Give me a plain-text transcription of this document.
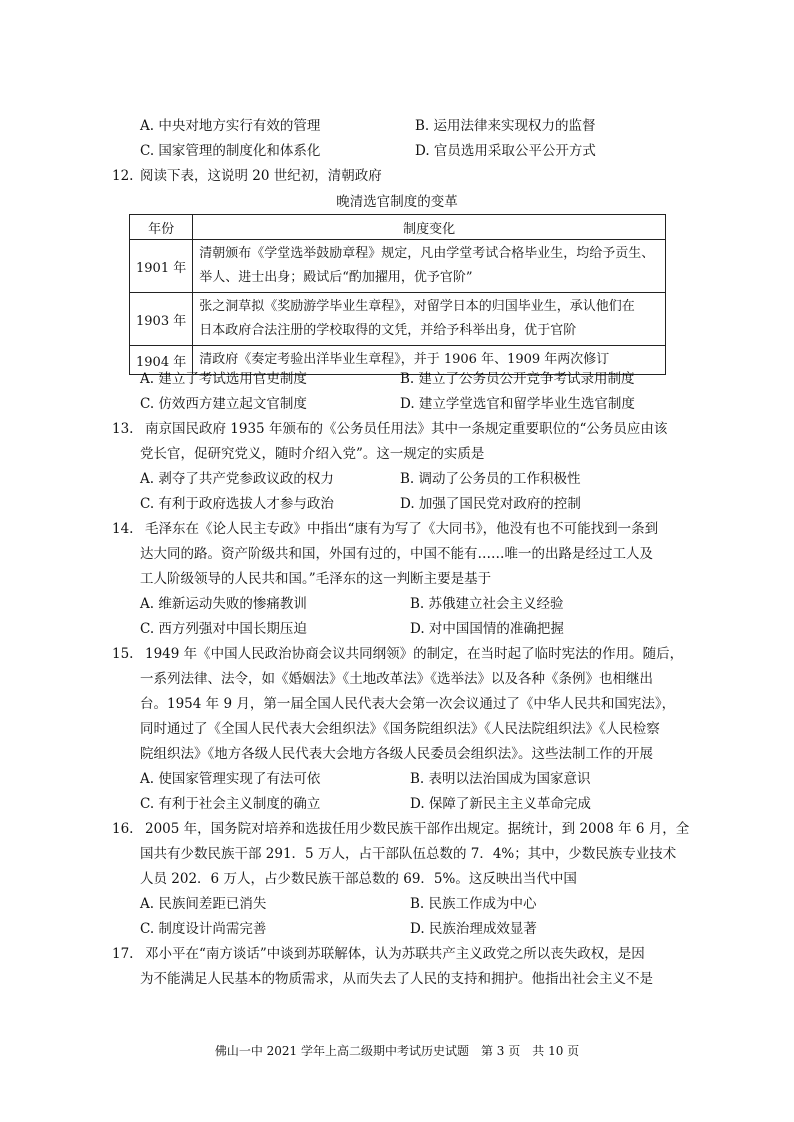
A. 中央对地方实行有效的管理	B. 运用法律来实现权力的监督
C. 国家管理的制度化和体系化	D. 官员选用采取公平公开方式
12. 阅读下表，这说明 20 世纪初，清朝政府
晚清选官制度的变革
年份	制度变化
1901 年	清朝颁布《学堂选举鼓励章程》规定，凡由学堂考试合格毕业生，均给予贡生、
举人、进士出身；殿试后“酌加擢用，优予官阶”

1903 年	张之洞草拟《奖励游学毕业生章程》，对留学日本的归国毕业生，承认他们在
日本政府合法注册的学校取得的文凭，并给予科举出身，优于官阶

1904 年	清政府《奏定考验出洋毕业生章程》，并于 1906 年、1909 年两次修订
A. 建立了考试选用官吏制度	B. 建立了公务员公开竞争考试录用制度
C. 仿效西方建立起文官制度	D. 建立学堂选官和留学毕业生选官制度
13. 南京国民政府 1935 年颁布的《公务员任用法》其中一条规定重要职位的“公务员应由该
党长官，促研究党义，随时介绍入党”。这一规定的实质是
A. 剥夺了共产党参政议政的权力	B. 调动了公务员的工作积极性
C. 有利于政府选拔人才参与政治	D. 加强了国民党对政府的控制
14. 毛泽东在《论人民主专政》中指出“康有为写了《大同书》，他没有也不可能找到一条到
达大同的路。资产阶级共和国，外国有过的，中国不能有……唯一的出路是经过工人及
工人阶级领导的人民共和国。”毛泽东的这一判断主要是基于
A. 维新运动失败的惨痛教训	B. 苏俄建立社会主义经验
C. 西方列强对中国长期压迫	D. 对中国国情的准确把握
15. 1949 年《中国人民政治协商会议共同纲领》的制定，在当时起了临时宪法的作用。随后，
一系列法律、法令，如《婚姻法》《土地改革法》《选举法》以及各种《条例》也相继出
台。1954 年 9 月，第一届全国人民代表大会第一次会议通过了《中华人民共和国宪法》，
同时通过了《全国人民代表大会组织法》《国务院组织法》《人民法院组织法》《人民检察
院组织法》《地方各级人民代表大会地方各级人民委员会组织法》。这些法制工作的开展
A. 使国家管理实现了有法可依	B. 表明以法治国成为国家意识
C. 有利于社会主义制度的确立	D. 保障了新民主主义革命完成
16. 2005 年，国务院对培养和选拔任用少数民族干部作出规定。据统计，到 2008 年 6 月，全
国共有少数民族干部 291．5 万人，占干部队伍总数的 7．4%；其中，少数民族专业技术
人员 202．6 万人，占少数民族干部总数的 69．5%。这反映出当代中国
A. 民族间差距已消失	B. 民族工作成为中心
C. 制度设计尚需完善	D. 民族治理成效显著
17. 邓小平在“南方谈话”中谈到苏联解体，认为苏联共产主义政党之所以丧失政权，是因
为不能满足人民基本的物质需求，从而失去了人民的支持和拥护。他指出社会主义不是
佛山一中 2021 学年上高二级期中考试历史试题　第 3 页　共 10 页
